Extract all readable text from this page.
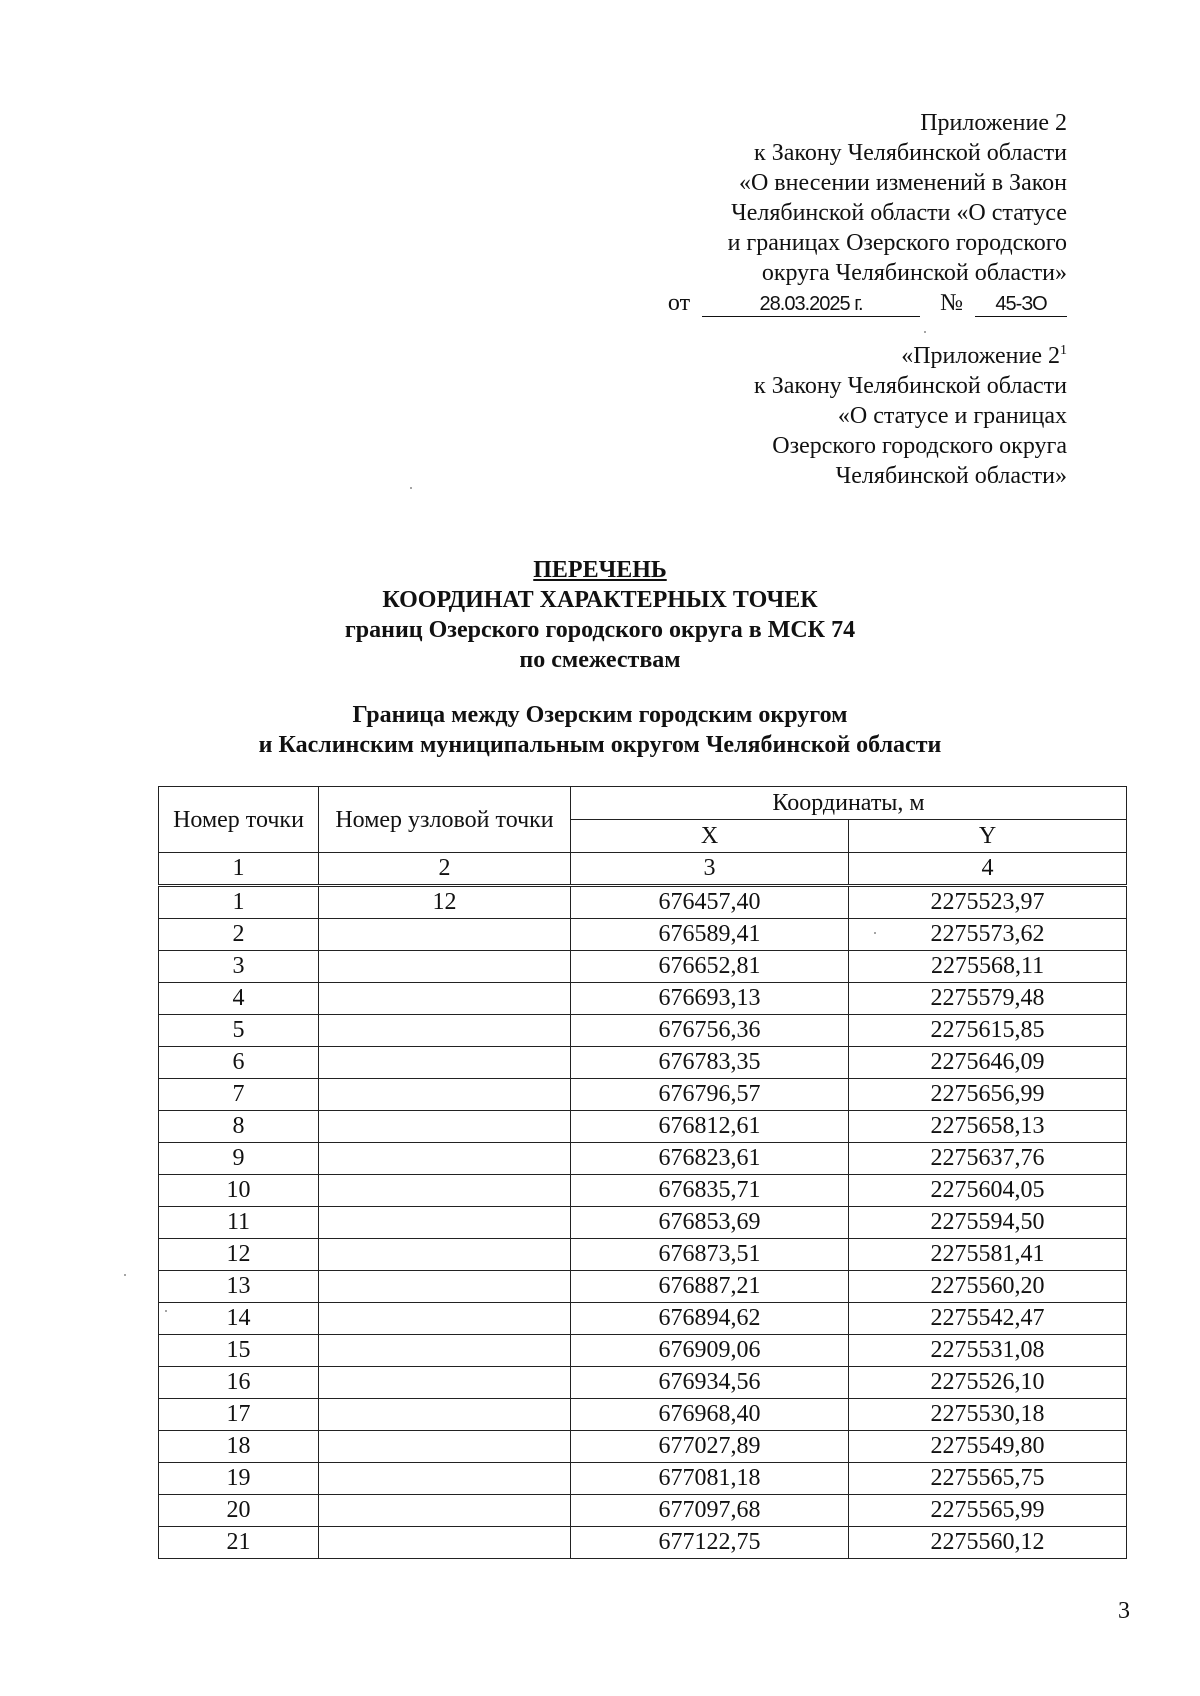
Приложение 2
к Закону Челябинской области
«О внесении изменений в Закон
Челябинской области «О статусе
и границах Озерского городского
округа Челябинской области»
от	28.03.2025 г.	№ 45-ЗО
«Приложение $2^1$
к Закону Челябинской области
«О статусе и границах
Озерского городского округа
Челябинской области»
ПЕРЕЧЕНЬ
КООРДИНАТ ХАРАКТЕРНЫХ ТОЧЕК
границ Озерского городского округа в МСК 74
по смежествам
Граница между Озерским городским округом
и Каслинским муниципальным округом Челябинской области
Номер точки	Номер узловой точки	Координаты, м	
		X	Y
1	2	3	4
1	12	676457,40	2275523,97
2		676589,41	2275573,62
3		676652,81	2275568,11
4		676693,13	2275579,48
5		676756,36	2275615,85
6		676783,35	2275646,09
7		676796,57	2275656,99
8		676812,61	2275658,13
9		676823,61	2275637,76
10		676835,71	2275604,05
11		676853,69	2275594,50
12		676873,51	2275581,41
13		676887,21	2275560,20
14		676894,62	2275542,47
15		676909,06	2275531,08
16		676934,56	2275526,10
17		676968,40	2275530,18
18		677027,89	2275549,80
19		677081,18	2275565,75
20		677097,68	2275565,99
21		677122,75	2275560,12
3
